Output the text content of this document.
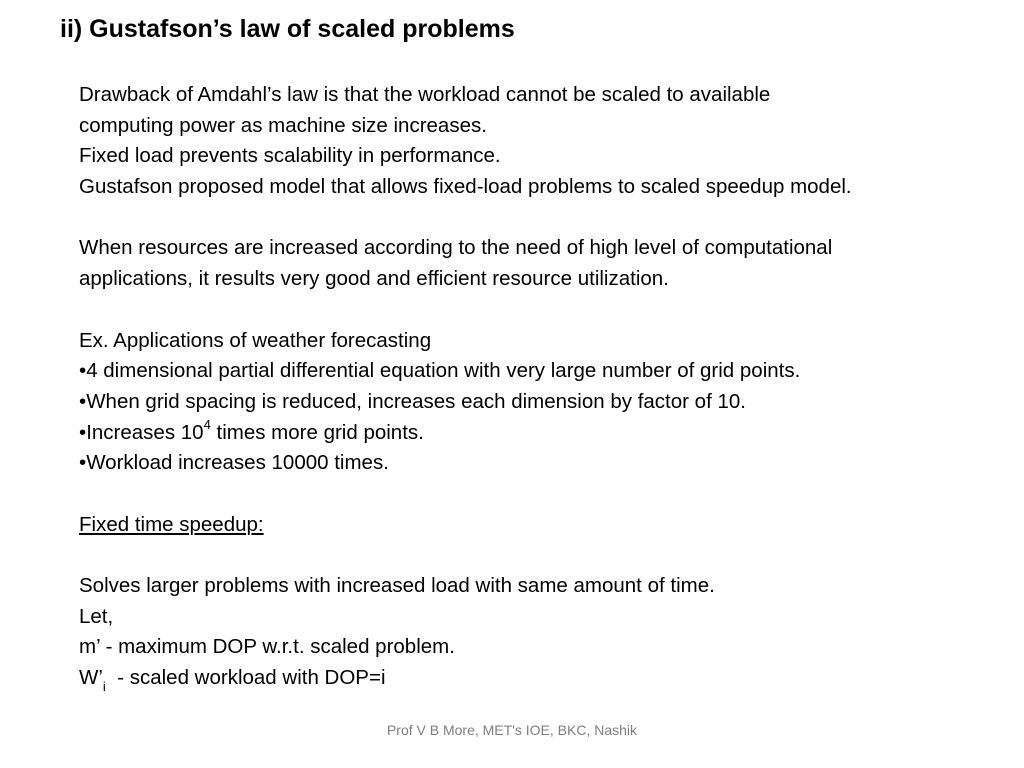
ii) Gustafson’s law of scaled problems
Drawback of Amdahl’s law is that the workload cannot be scaled to available
computing power as machine size increases.
Fixed load prevents scalability in performance.
Gustafson proposed model that allows fixed-load problems to scaled speedup model.
When resources are increased according to the need of high level of computational
applications, it results very good and efficient resource utilization.
Ex. Applications of weather forecasting
•4 dimensional partial differential equation with very large number of grid points.
•When grid spacing is reduced, increases each dimension by factor of 10.
•Increases $10^4$ times more grid points.
•Workload increases 10000 times.
Fixed time speedup:
Solves larger problems with increased load with same amount of time.
Let,
m’ - maximum DOP w.r.t. scaled problem.
$W’_i$  - scaled workload with DOP=i
Prof V B More, MET's IOE, BKC, Nashik
